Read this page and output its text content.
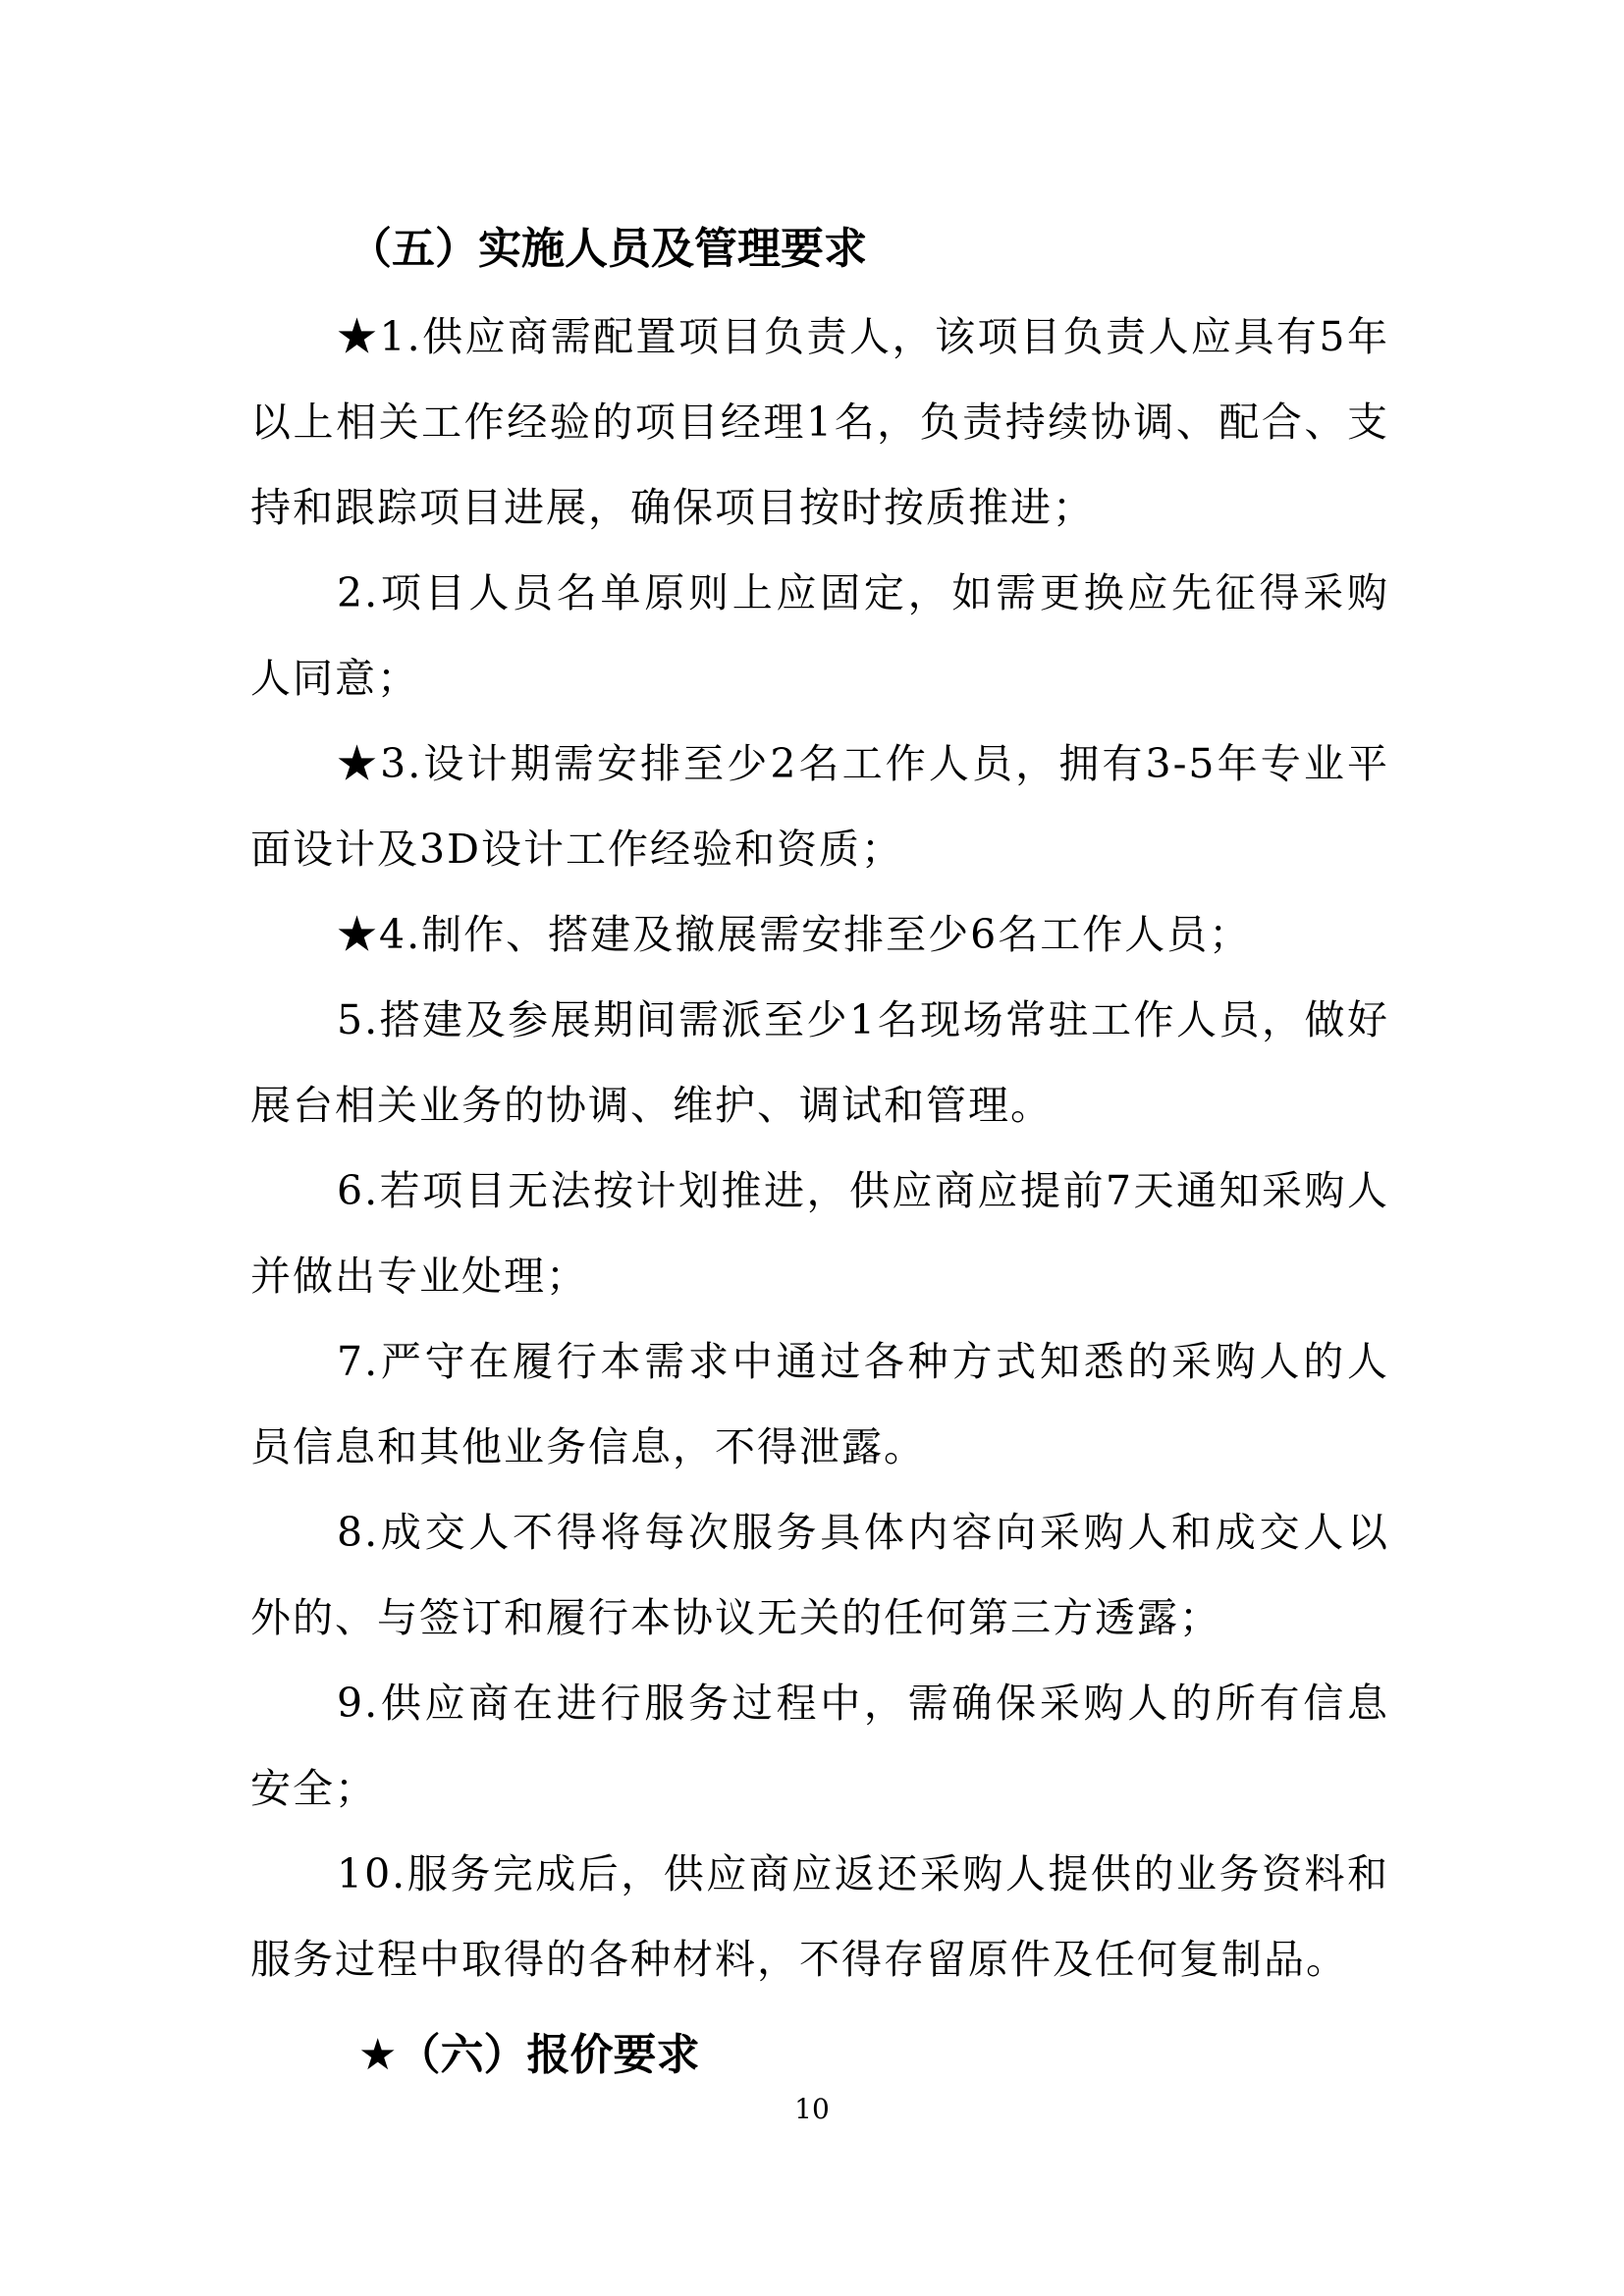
（五）实施人员及管理要求
★1.供应商需配置项目负责人，该项目负责人应具有5年以上相关工作经验的项目经理1名，负责持续协调、配合、支持和跟踪项目进展，确保项目按时按质推进；
2.项目人员名单原则上应固定，如需更换应先征得采购人同意；
★3.设计期需安排至少2名工作人员，拥有3-5年专业平面设计及3D设计工作经验和资质；
★4.制作、搭建及撤展需安排至少6名工作人员；
5.搭建及参展期间需派至少1名现场常驻工作人员，做好展台相关业务的协调、维护、调试和管理。
6.若项目无法按计划推进，供应商应提前7天通知采购人并做出专业处理；
7.严守在履行本需求中通过各种方式知悉的采购人的人员信息和其他业务信息，不得泄露。
8.成交人不得将每次服务具体内容向采购人和成交人以外的、与签订和履行本协议无关的任何第三方透露；
9.供应商在进行服务过程中，需确保采购人的所有信息安全；
10.服务完成后，供应商应返还采购人提供的业务资料和服务过程中取得的各种材料，不得存留原件及任何复制品。
★（六）报价要求
10
